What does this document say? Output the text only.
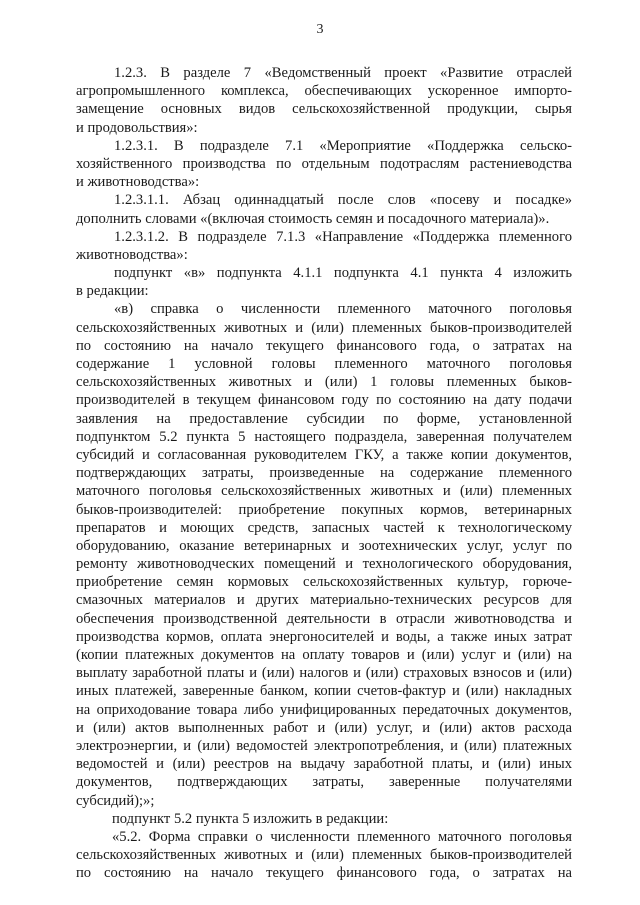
3
1.2.3. В разделе 7 «Ведомственный проект «Развитие отраслей
агропромышленного комплекса, обеспечивающих ускоренное импорто-
замещение основных видов сельскохозяйственной продукции, сырья
и продовольствия»:
1.2.3.1. В подразделе 7.1 «Мероприятие «Поддержка сельско-
хозяйственного производства по отдельным подотраслям растениеводства
и животноводства»:
1.2.3.1.1. Абзац одиннадцатый после слов «посеву и посадке»
дополнить словами «(включая стоимость семян и посадочного материала)».
1.2.3.1.2. В подразделе 7.1.3 «Направление «Поддержка племенного
животноводства»:
подпункт «в» подпункта 4.1.1 подпункта 4.1 пункта 4 изложить
в редакции:
«в) справка о численности племенного маточного поголовья
сельскохозяйственных животных и (или) племенных быков-производителей
по состоянию на начало текущего финансового года, о затратах на
содержание 1 условной головы племенного маточного поголовья
сельскохозяйственных животных и (или) 1 головы племенных быков-
производителей в текущем финансовом году по состоянию на дату подачи
заявления на предоставление субсидии по форме, установленной
подпунктом 5.2 пункта 5 настоящего подраздела, заверенная получателем
субсидий и согласованная руководителем ГКУ, а также копии документов,
подтверждающих затраты, произведенные на содержание племенного
маточного поголовья сельскохозяйственных животных и (или) племенных
быков-производителей: приобретение покупных кормов, ветеринарных
препаратов и моющих средств, запасных частей к технологическому
оборудованию, оказание ветеринарных и зоотехнических услуг, услуг по
ремонту животноводческих помещений и технологического оборудования,
приобретение семян кормовых сельскохозяйственных культур, горюче-
смазочных материалов и других материально-технических ресурсов для
обеспечения производственной деятельности в отрасли животноводства и
производства кормов, оплата энергоносителей и воды, а также иных затрат
(копии платежных документов на оплату товаров и (или) услуг и (или) на
выплату заработной платы и (или) налогов и (или) страховых взносов и (или)
иных платежей, заверенные банком, копии счетов-фактур и (или) накладных
на оприходование товара либо унифицированных передаточных документов,
и (или) актов выполненных работ и (или) услуг, и (или) актов расхода
электроэнергии, и (или) ведомостей электропотребления, и (или) платежных
ведомостей и (или) реестров на выдачу заработной платы, и (или) иных
документов, подтверждающих затраты, заверенные получателями
субсидий);»;
подпункт 5.2 пункта 5 изложить в редакции:
«5.2. Форма справки о численности племенного маточного поголовья
сельскохозяйственных животных и (или) племенных быков-производителей
по состоянию на начало текущего финансового года, о затратах на
